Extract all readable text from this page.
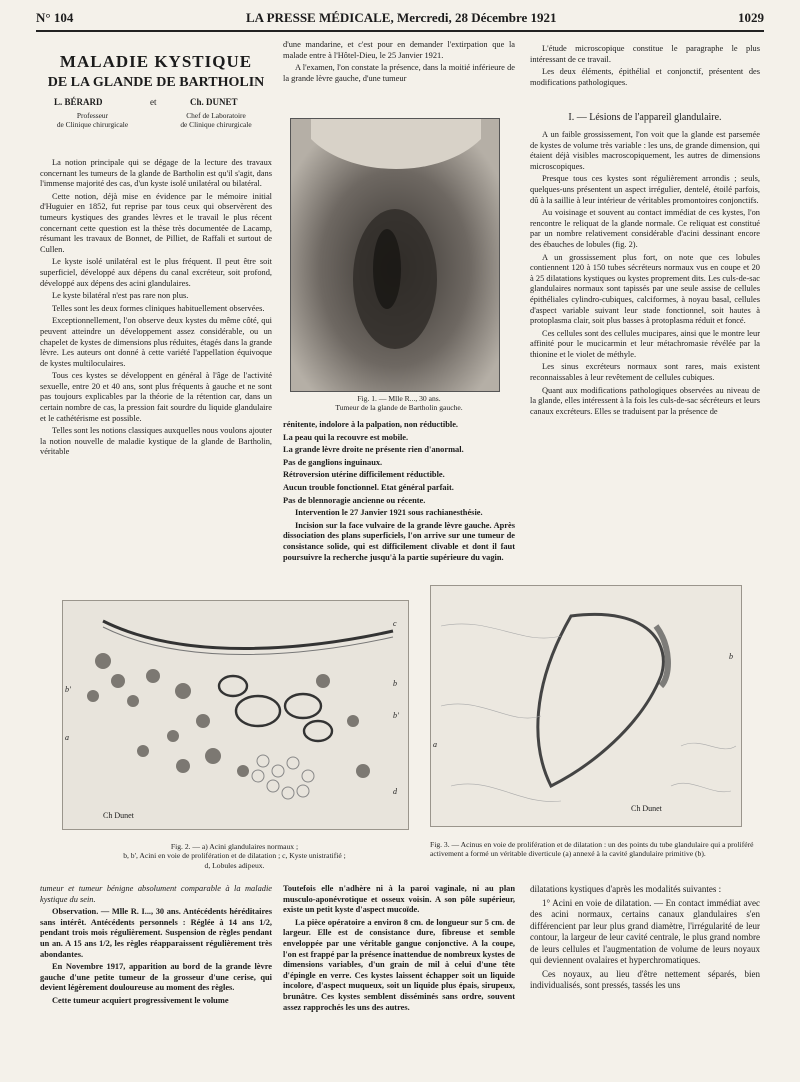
N° 104	LA PRESSE MÉDICALE, Mercredi, 28 Décembre 1921	1029
MALADIE KYSTIQUE
DE LA GLANDE DE BARTHOLIN
L. BÉRARD	et	Ch. DUNET
Professeur
de Clinique chirurgicale
Chef de Laboratoire
de Clinique chirurgicale

La notion principale qui se dégage de la lecture des travaux concernant les tumeurs de la glande de Bartholin est qu'il s'agit, dans l'immense majorité des cas, d'un kyste isolé unilatéral ou bilatéral.

Cette notion, déjà mise en évidence par le mémoire initial d'Huguier en 1852, fut reprise par tous ceux qui observèrent des tumeurs kystiques des grandes lèvres et le travail le plus récent concernant cette question est la thèse très documentée de Lacamp, résumant les travaux de Bonnet, de Pilliet, de Raffali et surtout de Cullen.

Le kyste isolé unilatéral est le plus fréquent. Il peut être soit superficiel, développé aux dépens du canal excréteur, soit profond, développé aux dépens des acini glandulaires.

Le kyste bilatéral n'est pas rare non plus.

Telles sont les deux formes cliniques habituellement observées.

Exceptionnellement, l'on observe deux kystes du même côté, qui peuvent atteindre un développement assez considérable, ou un chapelet de kystes de dimensions plus réduites, étagés dans la grande lèvre. Les auteurs ont donné à cette variété l'appellation équivoque de kystes multiloculaires.

Tous ces kystes se développent en général à l'âge de l'activité sexuelle, entre 20 et 40 ans, sont plus fréquents à gauche et ne sont pas toujours explicables par la théorie de la rétention car, dans un certain nombre de cas, la pression fait sourdre du liquide glandulaire et le cathétérisme est possible.

Telles sont les notions classiques auxquelles nous voulons ajouter la notion nouvelle de maladie kystique de la glande de Bartholin, véritable

d'une mandarine, et c'est pour en demander l'extirpation que la malade entre à l'Hôtel-Dieu, le 25 Janvier 1921.

A l'examen, l'on constate la présence, dans la moitié inférieure de la grande lèvre gauche, d'une tumeur

Fig. 1. — Mlle R..., 30 ans.
Tumeur de la glande de Bartholin gauche.

rénitente, indolore à la palpation, non réductible.

La peau qui la recouvre est mobile.

La grande lèvre droite ne présente rien d'anormal.

Pas de ganglions inguinaux.

Rétroversion utérine difficilement réductible.

Aucun trouble fonctionnel. Etat général parfait.

Pas de blennoragie ancienne ou récente.

Intervention le 27 Janvier 1921 sous rachianesthésie.

Incision sur la face vulvaire de la grande lèvre gauche. Après dissociation des plans superficiels, l'on arrive sur une tumeur de consistance solide, qui est difficilement clivable et dont il faut poursuivre la recherche jusqu'à la partie supérieure du vagin.

L'étude microscopique constitue le paragraphe le plus intéressant de ce travail.

Les deux éléments, épithélial et conjonctif, présentent des modifications pathologiques.

I. — Lésions de l'appareil glandulaire.

A un faible grossissement, l'on voit que la glande est parsemée de kystes de volume très variable : les uns, de grande dimension, qui étaient déjà visibles macroscopiquement, les autres de dimensions microscopiques.

Presque tous ces kystes sont régulièrement arrondis ; seuls, quelques-uns présentent un aspect irrégulier, dentelé, étoilé parfois, dû à la saillie à leur intérieur de véritables promontoires conjonctifs.

Au voisinage et souvent au contact immédiat de ces kystes, l'on rencontre le reliquat de la glande normale. Ce reliquat est constitué par un nombre relativement considérable d'acini dessinant encore des ébauches de lobules (fig. 2).

A un grossissement plus fort, on note que ces lobules contiennent 120 à 150 tubes sécréteurs normaux vus en coupe et 20 à 25 dilatations kystiques ou kystes proprement dits. Les culs-de-sac glandulaires normaux sont tapissés par une seule assise de cellules épithéliales cylindro-cubiques, calciformes, à noyau basal, cellules d'aspect variable suivant leur stade fonctionnel, soit hautes à protoplasma clair, soit plus basses à protoplasma réduit et foncé.

Ces cellules sont des cellules mucipares, ainsi que le montre leur affinité pour le mucicarmin et leur métachromasie révélée par la thionine et le violet de méthyle.

Les sinus excréteurs normaux sont rares, mais existent reconnaissables à leur revêtement de cellules cubiques.

Quant aux modifications pathologiques observées au niveau de la glande, elles intéressent à la fois les culs-de-sac sécréteurs et leurs canaux excréteurs. Elles se traduisent par la présence de

c
b
b'
b'
a
d
Ch Dunet
Fig. 2. — a) Acini glandulaires normaux ;
b, b', Acini en voie de prolifération et de dilatation ; c, Kyste unistratifié ;
d, Lobules adipeux.
b
a
Ch Dunet
Fig. 3. — Acinus en voie de prolifération et de dilatation : un des points du tube glandulaire qui a proliféré activement a formé un véritable diverticule (a) annexé à la cavité glandulaire primitive (b).

tumeur et tumeur bénigne absolument comparable à la maladie kystique du sein.

Observation. — Mlle R. I..., 30 ans. Antécédents héréditaires sans intérêt. Antécédents personnels : Réglée à 14 ans 1/2, pendant trois mois régulièrement. Suspension de règles pendant un an. A 15 ans 1/2, les règles réapparaissent régulièrement très abondantes.

En Novembre 1917, apparition au bord de la grande lèvre gauche d'une petite tumeur de la grosseur d'une cerise, qui devient légèrement douloureuse au moment des règles.

Cette tumeur acquiert progressivement le volume

Toutefois elle n'adhère ni à la paroi vaginale, ni au plan musculo-aponévrotique et osseux voisin. A son pôle supérieur, existe un petit kyste d'aspect mucoïde.

La pièce opératoire a environ 8 cm. de longueur sur 5 cm. de largeur. Elle est de consistance dure, fibreuse et semble enveloppée par une véritable gangue conjonctive. A la coupe, l'on est frappé par la présence inattendue de nombreux kystes de dimensions variables, d'un grain de mil à celui d'une tête d'épingle en verre. Ces kystes laissent échapper soit un liquide incolore, d'aspect muqueux, soit un liquide plus épais, sirupeux, brunâtre. Ces kystes semblent disséminés sans ordre, souvent assez rapprochés les uns des autres.

dilatations kystiques d'après les modalités suivantes :

1° Acini en voie de dilatation. — En contact immédiat avec des acini normaux, certains canaux glandulaires s'en différencient par leur plus grand diamètre, l'irrégularité de leur contour, la largeur de leur cavité centrale, le plus grand nombre de leurs cellules et l'augmentation de volume de leurs noyaux qui deviennent ovalaires et hyperchromatiques.

Ces noyaux, au lieu d'être nettement séparés, bien individualisés, sont pressés, tassés les uns
